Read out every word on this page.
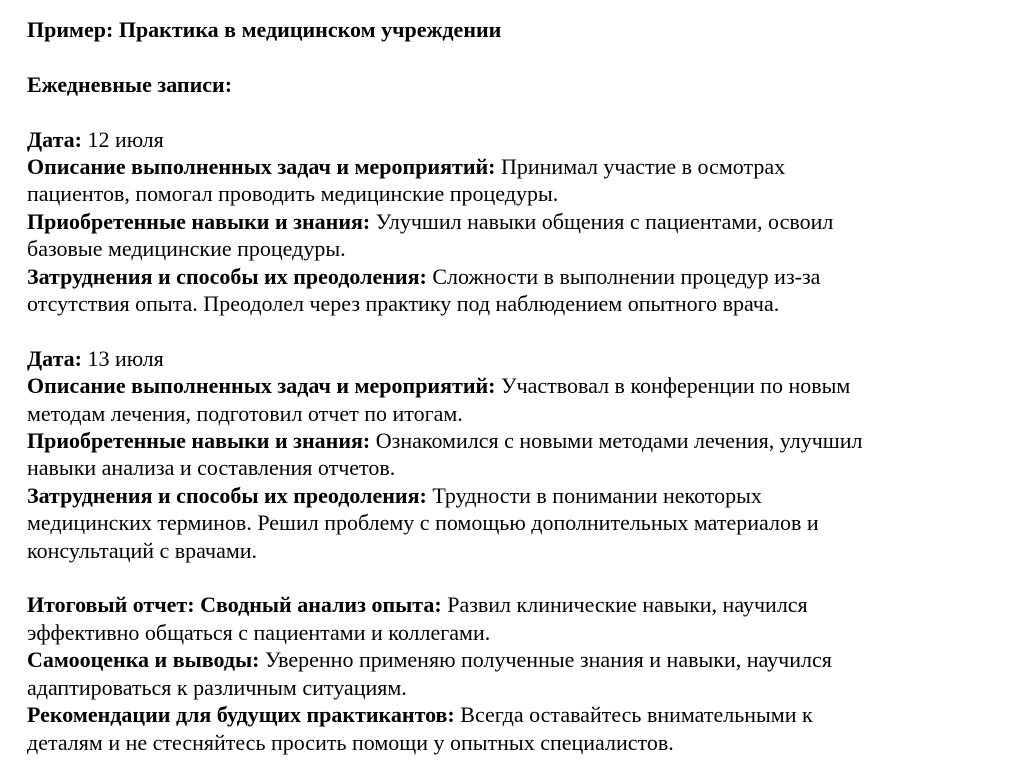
Пример: Практика в медицинском учреждении
Ежедневные записи:
Дата: 12 июля
Описание выполненных задач и мероприятий: Принимал участие в осмотрах
пациентов, помогал проводить медицинские процедуры.
Приобретенные навыки и знания: Улучшил навыки общения с пациентами, освоил
базовые медицинские процедуры.
Затруднения и способы их преодоления: Сложности в выполнении процедур из-за
отсутствия опыта. Преодолел через практику под наблюдением опытного врача.
Дата: 13 июля
Описание выполненных задач и мероприятий: Участвовал в конференции по новым
методам лечения, подготовил отчет по итогам.
Приобретенные навыки и знания: Ознакомился с новыми методами лечения, улучшил
навыки анализа и составления отчетов.
Затруднения и способы их преодоления: Трудности в понимании некоторых
медицинских терминов. Решил проблему с помощью дополнительных материалов и
консультаций с врачами.
Итоговый отчет: Сводный анализ опыта: Развил клинические навыки, научился
эффективно общаться с пациентами и коллегами.
Самооценка и выводы: Уверенно применяю полученные знания и навыки, научился
адаптироваться к различным ситуациям.
Рекомендации для будущих практикантов: Всегда оставайтесь внимательными к
деталям и не стесняйтесь просить помощи у опытных специалистов.
